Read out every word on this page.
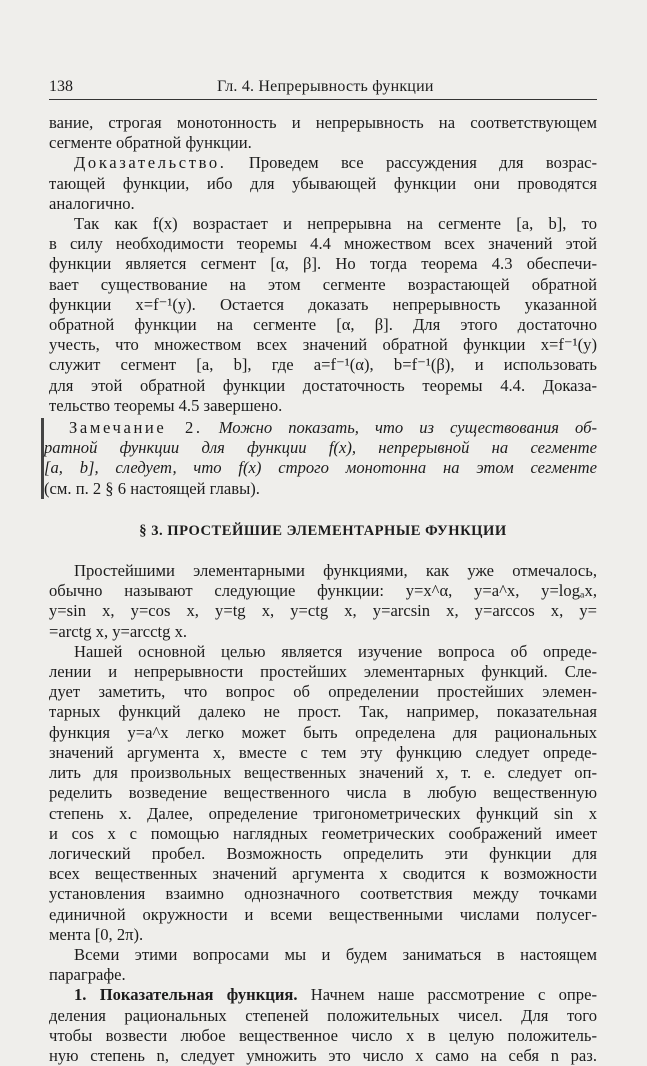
138	Гл. 4. Непрерывность функции

вание, строгая монотонность и непрерывность на соответствующем
сегменте обратной функции.

Доказательство. Проведем все рассуждения для возрас-
тающей функции, ибо для убывающей функции они проводятся
аналогично.

Так как f(x) возрастает и непрерывна на сегменте [a, b], то
в силу необходимости теоремы 4.4 множеством всех значений этой
функции является сегмент [α, β]. Но тогда теорема 4.3 обеспечи-
вает существование на этом сегменте возрастающей обратной
функции x=f⁻¹(y). Остается доказать непрерывность указанной
обратной функции на сегменте [α, β]. Для этого достаточно
учесть, что множеством всех значений обратной функции x=f⁻¹(y)
служит сегмент [a, b], где a=f⁻¹(α), b=f⁻¹(β), и использовать
для этой обратной функции достаточность теоремы 4.4. Доказа-
тельство теоремы 4.5 завершено.

Замечание 2. Можно показать, что из существования об-
ратной функции для функции f(x), непрерывной на сегменте
[a, b], следует, что f(x) строго монотонна на этом сегменте
(см. п. 2 § 6 настоящей главы).
§ 3. ПРОСТЕЙШИЕ ЭЛЕМЕНТАРНЫЕ ФУНКЦИИ

Простейшими элементарными функциями, как уже отмечалось,
обычно называют следующие функции: y=x^α, y=a^x, y=logₐx,
y=sin x, y=cos x, y=tg x, y=ctg x, y=arcsin x, y=arccos x, y=
=arctg x, y=arcctg x.

Нашей основной целью является изучение вопроса об опреде-
лении и непрерывности простейших элементарных функций. Сле-
дует заметить, что вопрос об определении простейших элемен-
тарных функций далеко не прост. Так, например, показательная
функция y=a^x легко может быть определена для рациональных
значений аргумента x, вместе с тем эту функцию следует опреде-
лить для произвольных вещественных значений x, т. е. следует оп-
ределить возведение вещественного числа в любую вещественную
степень x. Далее, определение тригонометрических функций sin x
и cos x с помощью наглядных геометрических соображений имеет
логический пробел. Возможность определить эти функции для
всех вещественных значений аргумента x сводится к возможности
установления взаимно однозначного соответствия между точками
единичной окружности и всеми вещественными числами полусег-
мента [0, 2π).

Всеми этими вопросами мы и будем заниматься в настоящем
параграфе.

1. Показательная функция. Начнем наше рассмотрение с опре-
деления рациональных степеней положительных чисел. Для того
чтобы возвести любое вещественное число x в целую положитель-
ную степень n, следует умножить это число x само на себя n раз.
